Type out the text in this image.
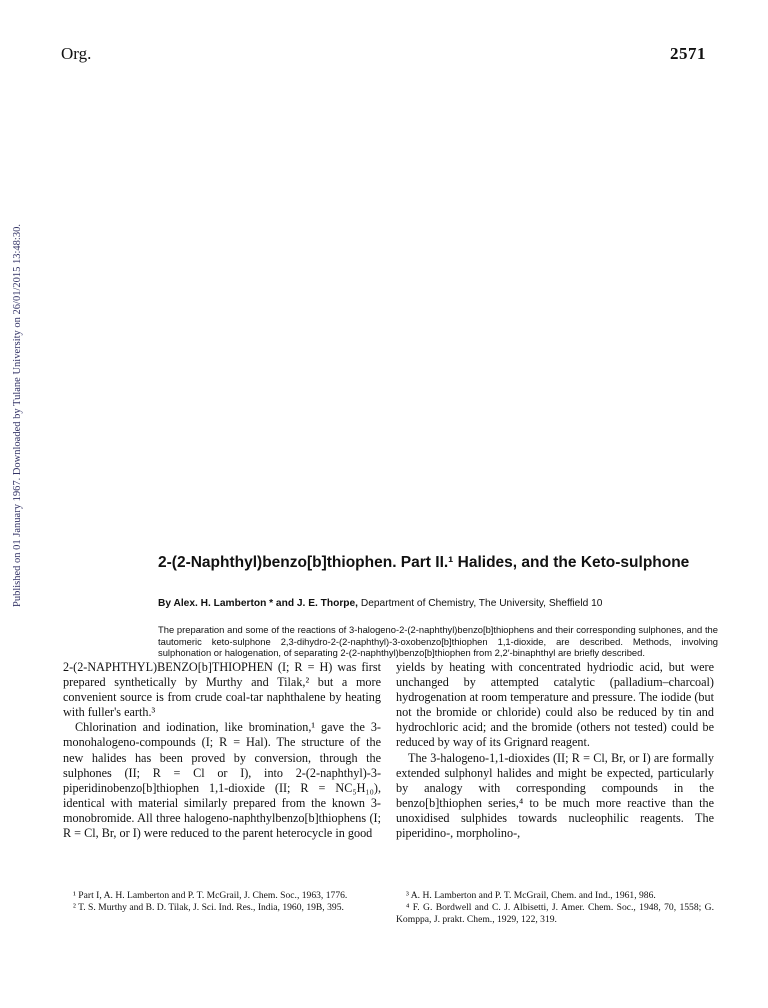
Org.	2571
Published on 01 January 1967. Downloaded by Tulane University on 26/01/2015 13:48:30.	2-(2-Naphthyl)benzo[b]thiophen. Part II.¹ Halides, and the Keto-sulphone
By Alex. H. Lamberton * and J. E. Thorpe, Department of Chemistry, The University, Sheffield 10
The preparation and some of the reactions of 3-halogeno-2-(2-naphthyl)benzo[b]thiophens and their corresponding sulphones, and the tautomeric keto-sulphone 2,3-dihydro-2-(2-naphthyl)-3-oxobenzo[b]thiophen 1,1-dioxide, are described. Methods, involving sulphonation or halogenation, of separating 2-(2-naphthyl)benzo[b]thiophen from 2,2′-binaphthyl are briefly described.

2-(2-NAPHTHYL)BENZO[b]THIOPHEN (I; R = H) was first prepared synthetically by Murthy and Tilak,² but a more convenient source is from crude coal-tar naphthalene by heating with fuller's earth.³

Chlorination and iodination, like bromination,¹ gave the 3-monohalogeno-compounds (I; R = Hal). The structure of the new halides has been proved by conversion, through the sulphones (II; R = Cl or I), into 2-(2-naphthyl)-3-piperidinobenzo[b]thiophen 1,1-dioxide (II; R = NC₅H₁₀), identical with material similarly prepared from the known 3-monobromide. All three halogeno-naphthylbenzo[b]thiophens (I; R = Cl, Br, or I) were reduced to the parent heterocycle in good

yields by heating with concentrated hydriodic acid, but were unchanged by attempted catalytic (palladium–charcoal) hydrogenation at room temperature and pressure. The iodide (but not the bromide or chloride) could also be reduced by tin and hydrochloric acid; and the bromide (others not tested) could be reduced by way of its Grignard reagent.

The 3-halogeno-1,1-dioxides (II; R = Cl, Br, or I) are formally extended sulphonyl halides and might be expected, particularly by analogy with corresponding compounds in the benzo[b]thiophen series,⁴ to be much more reactive than the unoxidised sulphides towards nucleophilic reagents. The piperidino-, morpholino-,

¹ Part I, A. H. Lamberton and P. T. McGrail, J. Chem. Soc., 1963, 1776.

² T. S. Murthy and B. D. Tilak, J. Sci. Ind. Res., India, 1960, 19B, 395.

³ A. H. Lamberton and P. T. McGrail, Chem. and Ind., 1961, 986.

⁴ F. G. Bordwell and C. J. Albisetti, J. Amer. Chem. Soc., 1948, 70, 1558; G. Komppa, J. prakt. Chem., 1929, 122, 319.
